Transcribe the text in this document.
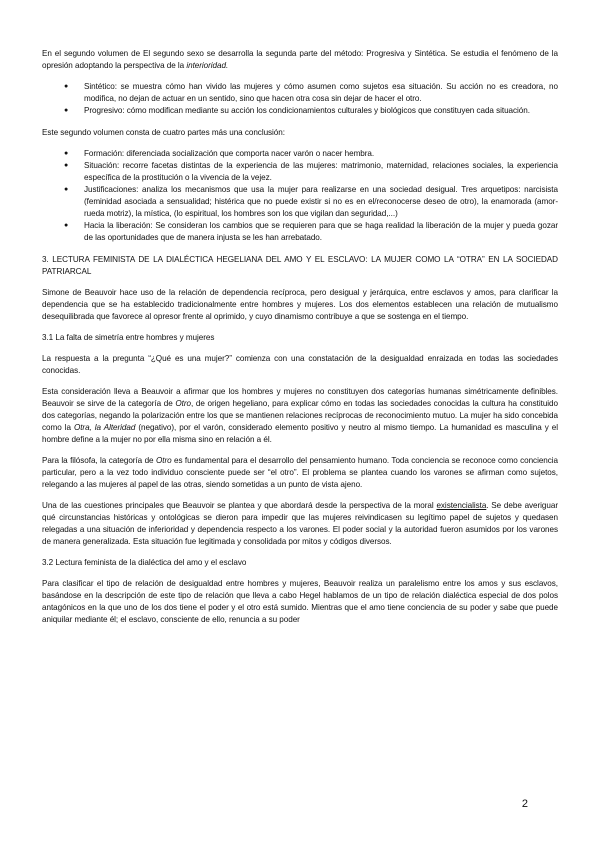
En el segundo volumen de El segundo sexo se desarrolla la segunda parte del método: Progresiva y Sintética. Se estudia el fenómeno de la opresión adoptando la perspectiva de la interioridad.

● Sintético: se muestra cómo han vivido las mujeres y cómo asumen como sujetos esa situación. Su acción no es creadora, no modifica, no dejan de actuar en un sentido, sino que hacen otra cosa sin dejar de hacer el otro.
● Progresivo: cómo modifican mediante su acción los condicionamientos culturales y biológicos que constituyen cada situación.

Este segundo volumen consta de cuatro partes más una conclusión:

● Formación: diferenciada socialización que comporta nacer varón o nacer hembra.
● Situación: recorre facetas distintas de la experiencia de las mujeres: matrimonio, maternidad, relaciones sociales, la experiencia específica de la prostitución o la vivencia de la vejez.
● Justificaciones: analiza los mecanismos que usa la mujer para realizarse en una sociedad desigual. Tres arquetipos: narcisista (feminidad asociada a sensualidad; histérica que no puede existir si no es en el/reconocerse deseo de otro), la enamorada (amor- rueda motriz), la mística, (lo espiritual, los hombres son los que vigilan dan seguridad,...)
● Hacia la liberación: Se consideran los cambios que se requieren para que se haga realidad la liberación de la mujer y pueda gozar de las oportunidades que de manera injusta se les han arrebatado.
3. LECTURA FEMINISTA DE LA DIALÉCTICA HEGELIANA DEL AMO Y EL ESCLAVO: LA MUJER COMO LA “OTRA” EN LA SOCIEDAD PATRIARCAL

Simone de Beauvoir hace uso de la relación de dependencia recíproca, pero desigual y jerárquica, entre esclavos y amos, para clarificar la dependencia que se ha establecido tradicionalmente entre hombres y mujeres. Los dos elementos establecen una relación de mutualismo desequilibrada que favorece al opresor frente al oprimido, y cuyo dinamismo contribuye a que se sostenga en el tiempo.

3.1 La falta de simetría entre hombres y mujeres

La respuesta a la pregunta “¿Qué es una mujer?” comienza con una constatación de la desigualdad enraizada en todas las sociedades conocidas.

Esta consideración lleva a Beauvoir a afirmar que los hombres y mujeres no constituyen dos categorías humanas simétricamente definibles. Beauvoir se sirve de la categoría de Otro, de origen hegeliano, para explicar cómo en todas las sociedades conocidas la cultura ha constituido dos categorías, negando la polarización entre los que se mantienen relaciones recíprocas de reconocimiento mutuo. La mujer ha sido concebida como la Otra, la Alteridad (negativo), por el varón, considerado elemento positivo y neutro al mismo tiempo. La humanidad es masculina y el hombre define a la mujer no por ella misma sino en relación a él.

Para la filósofa, la categoría de Otro es fundamental para el desarrollo del pensamiento humano. Toda conciencia se reconoce como conciencia particular, pero a la vez todo individuo consciente puede ser “el otro”. El problema se plantea cuando los varones se afirman como sujetos, relegando a las mujeres al papel de las otras, siendo sometidas a un punto de vista ajeno.

Una de las cuestiones principales que Beauvoir se plantea y que abordará desde la perspectiva de la moral existencialista. Se debe averiguar qué circunstancias históricas y ontológicas se dieron para impedir que las mujeres reivindicasen su legítimo papel de sujetos y quedasen relegadas a una situación de inferioridad y dependencia respecto a los varones. El poder social y la autoridad fueron asumidos por los varones de manera generalizada. Esta situación fue legitimada y consolidada por mitos y códigos diversos.

3.2 Lectura feminista de la dialéctica del amo y el esclavo

Para clasificar el tipo de relación de desigualdad entre hombres y mujeres, Beauvoir realiza un paralelismo entre los amos y sus esclavos, basándose en la descripción de este tipo de relación que lleva a cabo Hegel hablamos de un tipo de relación dialéctica especial de dos polos antagónicos en la que uno de los dos tiene el poder y el otro está sumido. Mientras que el amo tiene conciencia de su poder y sabe que puede aniquilar mediante él; el esclavo, consciente de ello, renuncia a su poder

2
